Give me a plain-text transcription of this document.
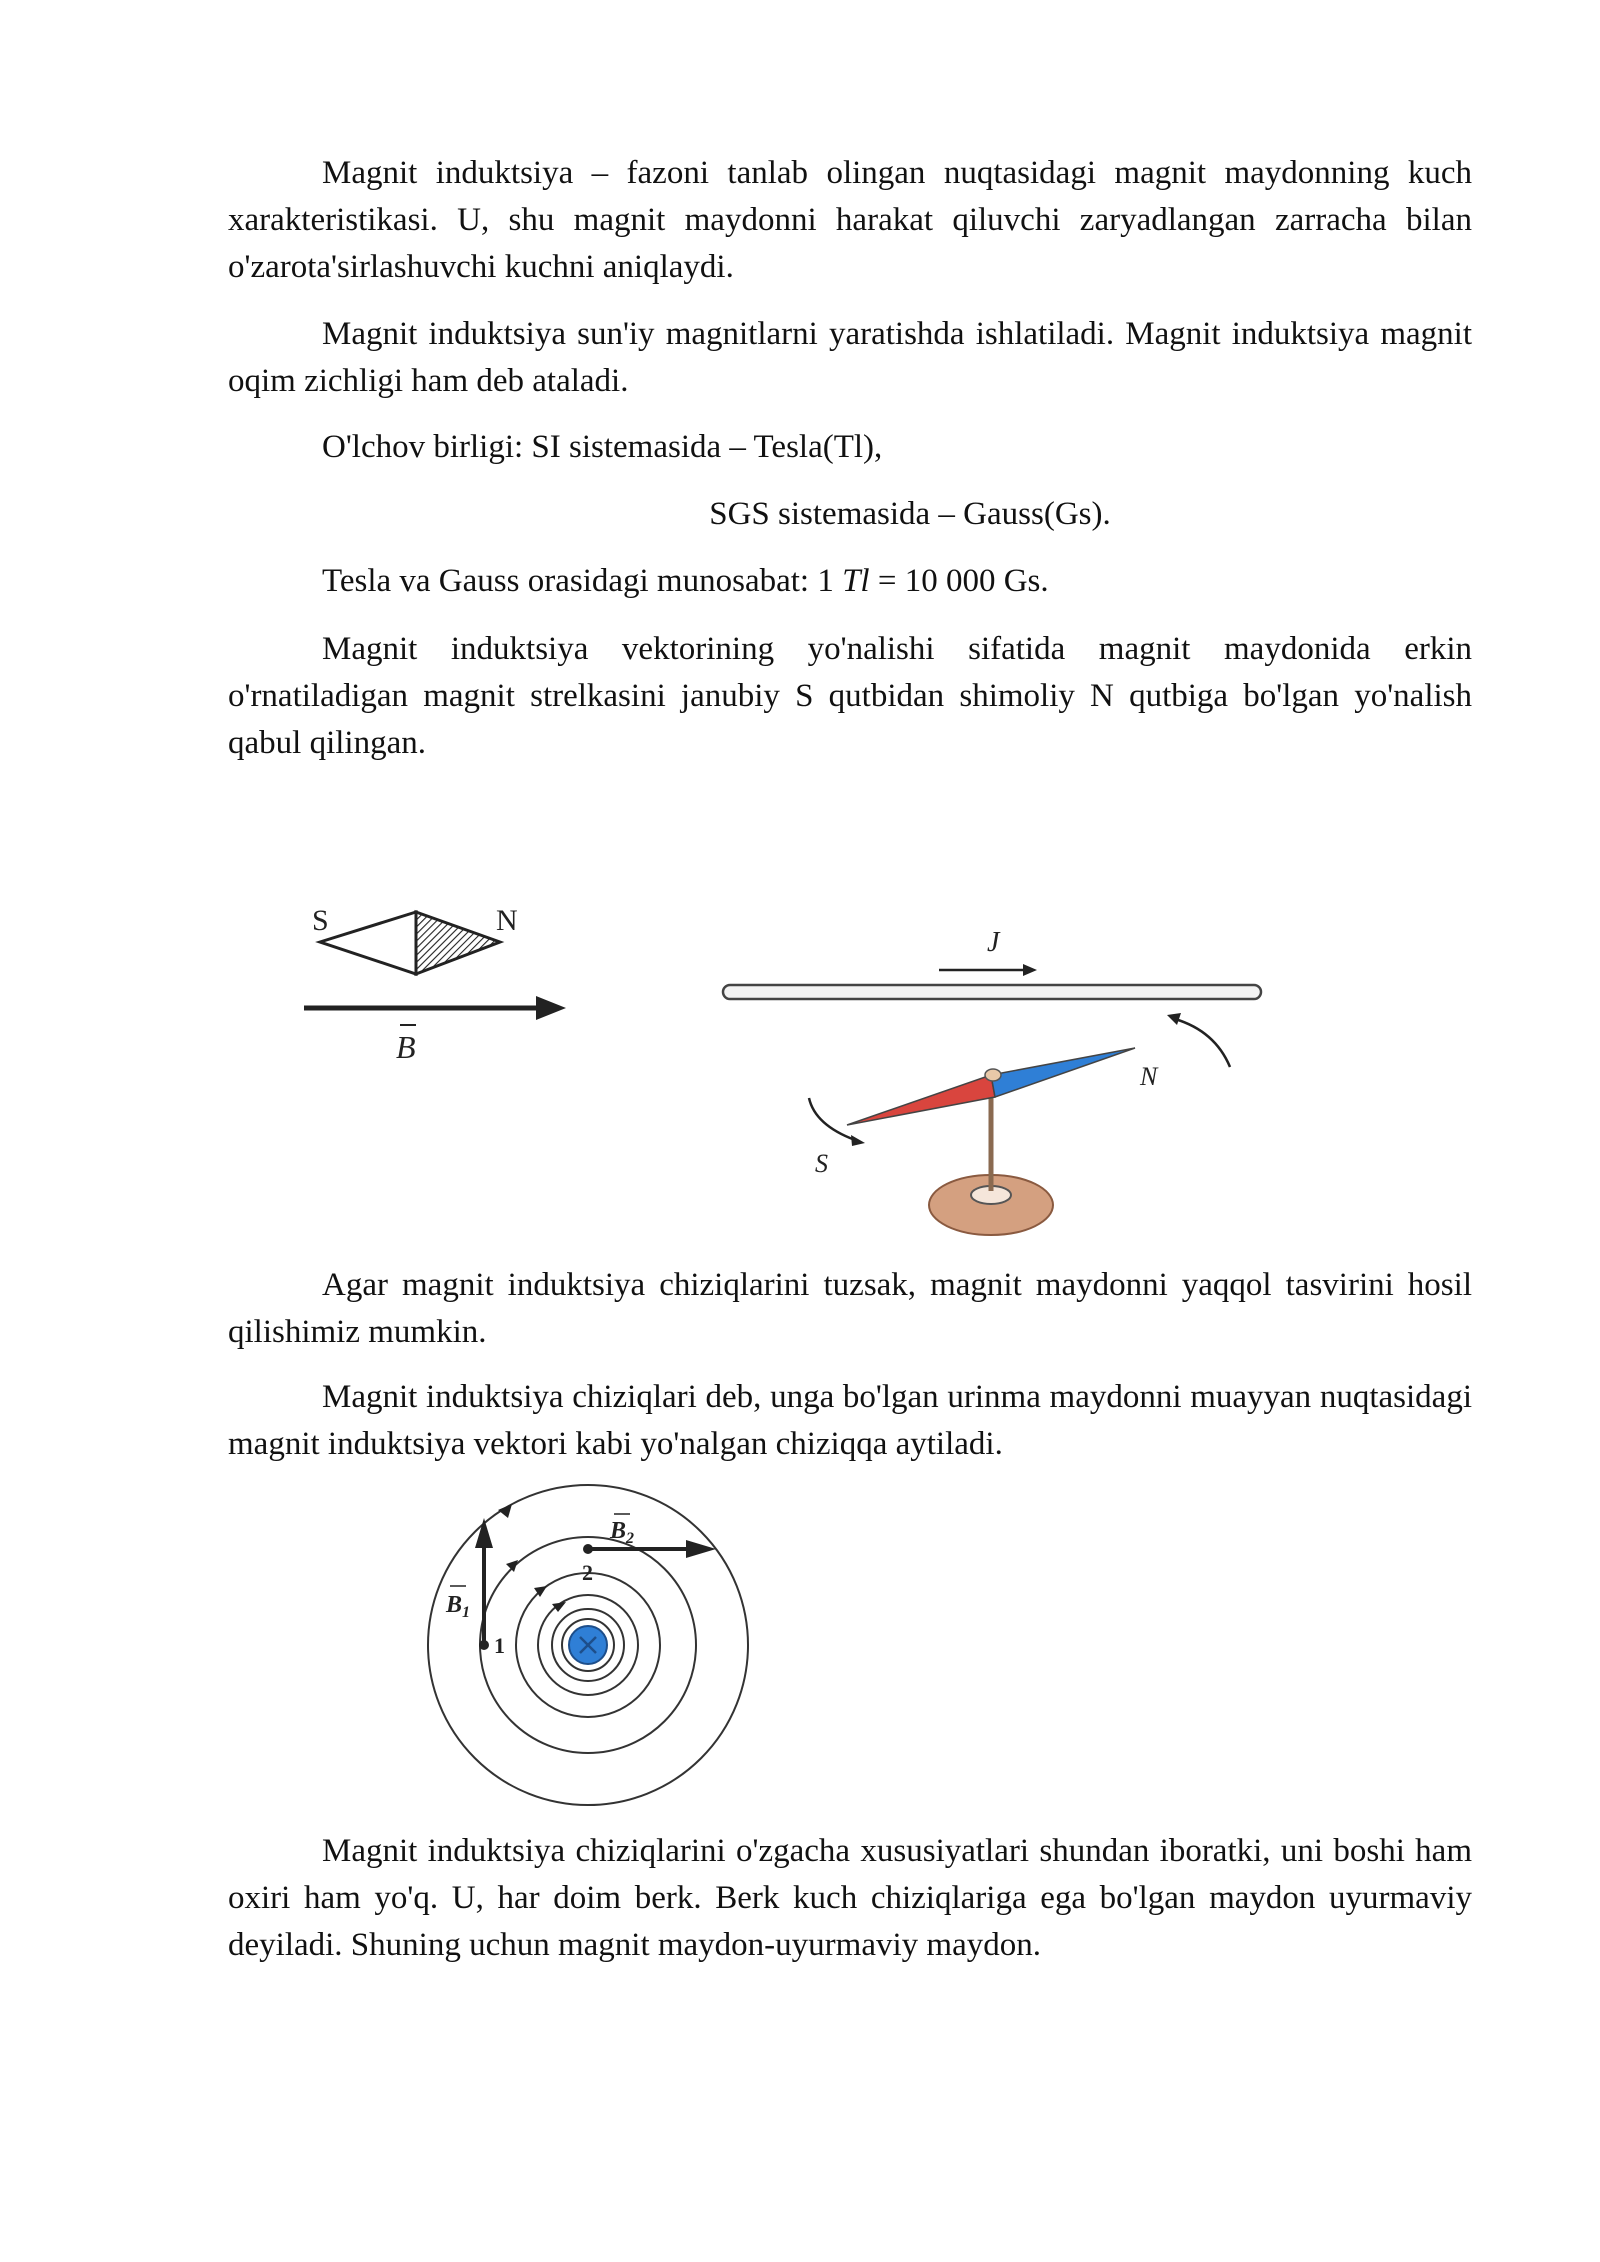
Magnit induktsiya – fazoni tanlab olingan nuqtasidagi magnit maydonning kuch xarakteristikasi. U, shu magnit maydonni harakat qiluvchi zaryadlangan zarracha bilan o'zarota'sirlashuvchi kuchni aniqlaydi.

Magnit induktsiya sun'iy magnitlarni yaratishda ishlatiladi. Magnit induktsiya magnit oqim zichligi ham deb ataladi.

O'lchov birligi: SI sistemasida – Tesla(Tl),

SGS sistemasida – Gauss(Gs).

Tesla va Gauss orasidagi munosabat: 1 Tl = 10 000 Gs.

Magnit induktsiya vektorining yo'nalishi sifatida magnit maydonida erkin o'rnatiladigan magnit strelkasini janubiy S qutbidan shimoliy N qutbiga bo'lgan yo'nalish qabul qilingan.

S	N
B
J
N
S

Agar magnit induktsiya chiziqlarini tuzsak, magnit maydonni yaqqol tasvirini hosil qilishimiz mumkin.

Magnit induktsiya chiziqlari deb, unga bo'lgan urinma maydonni muayyan nuqtasidagi magnit induktsiya vektori kabi yo'nalgan chiziqqa aytiladi.

1
$B_1$
2
$B_2$

Magnit induktsiya chiziqlarini o'zgacha xususiyatlari shundan iboratki, uni boshi ham oxiri ham yo'q. U, har doim berk. Berk kuch chiziqlariga ega bo'lgan maydon uyurmaviy deyiladi. Shuning uchun magnit maydon-uyurmaviy maydon.
